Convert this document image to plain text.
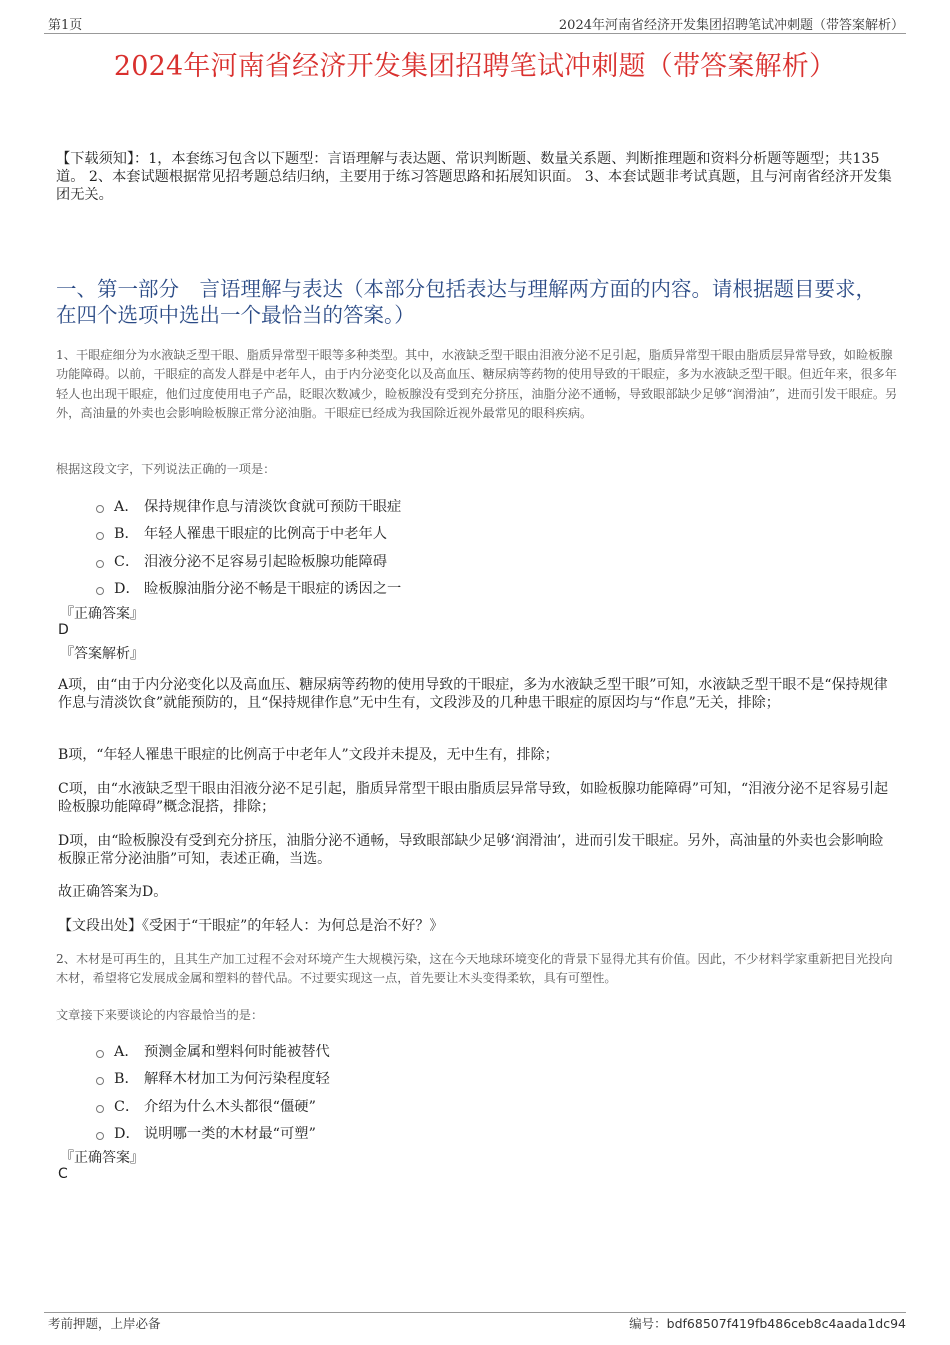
第1页	2024年河南省经济开发集团招聘笔试冲刺题（带答案解析）
2024年河南省经济开发集团招聘笔试冲刺题（带答案解析）
【下载须知】：1，本套练习包含以下题型：言语理解与表达题、常识判断题、数量关系题、判断推理题和资料分析题等题型；共135道。 2、本套试题根据常见招考题总结归纳，主要用于练习答题思路和拓展知识面。 3、本套试题非考试真题，且与河南省经济开发集团无关。
一、第一部分　言语理解与表达（本部分包括表达与理解两方面的内容。请根据题目要求，在四个选项中选出一个最恰当的答案。）
1、干眼症细分为水液缺乏型干眼、脂质异常型干眼等多种类型。其中，水液缺乏型干眼由泪液分泌不足引起，脂质异常型干眼由脂质层异常导致，如睑板腺功能障碍。以前，干眼症的高发人群是中老年人，由于内分泌变化以及高血压、糖尿病等药物的使用导致的干眼症，多为水液缺乏型干眼。但近年来，很多年轻人也出现干眼症，他们过度使用电子产品，眨眼次数减少，睑板腺没有受到充分挤压，油脂分泌不通畅，导致眼部缺少足够“润滑油”，进而引发干眼症。另外，高油量的外卖也会影响睑板腺正常分泌油脂。干眼症已经成为我国除近视外最常见的眼科疾病。
根据这段文字，下列说法正确的一项是：
A． 保持规律作息与清淡饮食就可预防干眼症
B． 年轻人罹患干眼症的比例高于中老年人
C． 泪液分泌不足容易引起睑板腺功能障碍
D． 睑板腺油脂分泌不畅是干眼症的诱因之一
『正确答案』
D
『答案解析』
A项，由“由于内分泌变化以及高血压、糖尿病等药物的使用导致的干眼症，多为水液缺乏型干眼”可知，水液缺乏型干眼不是“保持规律作息与清淡饮食”就能预防的，且“保持规律作息”无中生有，文段涉及的几种患干眼症的原因均与“作息”无关，排除；
B项，“年轻人罹患干眼症的比例高于中老年人”文段并未提及，无中生有，排除；
C项，由“水液缺乏型干眼由泪液分泌不足引起，脂质异常型干眼由脂质层异常导致，如睑板腺功能障碍”可知，“泪液分泌不足容易引起睑板腺功能障碍”概念混搭，排除；
D项，由“睑板腺没有受到充分挤压，油脂分泌不通畅，导致眼部缺少足够‘润滑油’，进而引发干眼症。另外，高油量的外卖也会影响睑板腺正常分泌油脂”可知，表述正确，当选。
故正确答案为D。
【文段出处】《受困于“干眼症”的年轻人：为何总是治不好？》
2、木材是可再生的，且其生产加工过程不会对环境产生大规模污染，这在今天地球环境变化的背景下显得尤其有价值。因此，不少材料学家重新把目光投向木材，希望将它发展成金属和塑料的替代品。不过要实现这一点，首先要让木头变得柔软，具有可塑性。
文章接下来要谈论的内容最恰当的是：
A． 预测金属和塑料何时能被替代
B． 解释木材加工为何污染程度轻
C． 介绍为什么木头都很“僵硬”
D． 说明哪一类的木材最“可塑”
『正确答案』
C
考前押题，上岸必备	编号：bdf68507f419fb486ceb8c4aada1dc94
